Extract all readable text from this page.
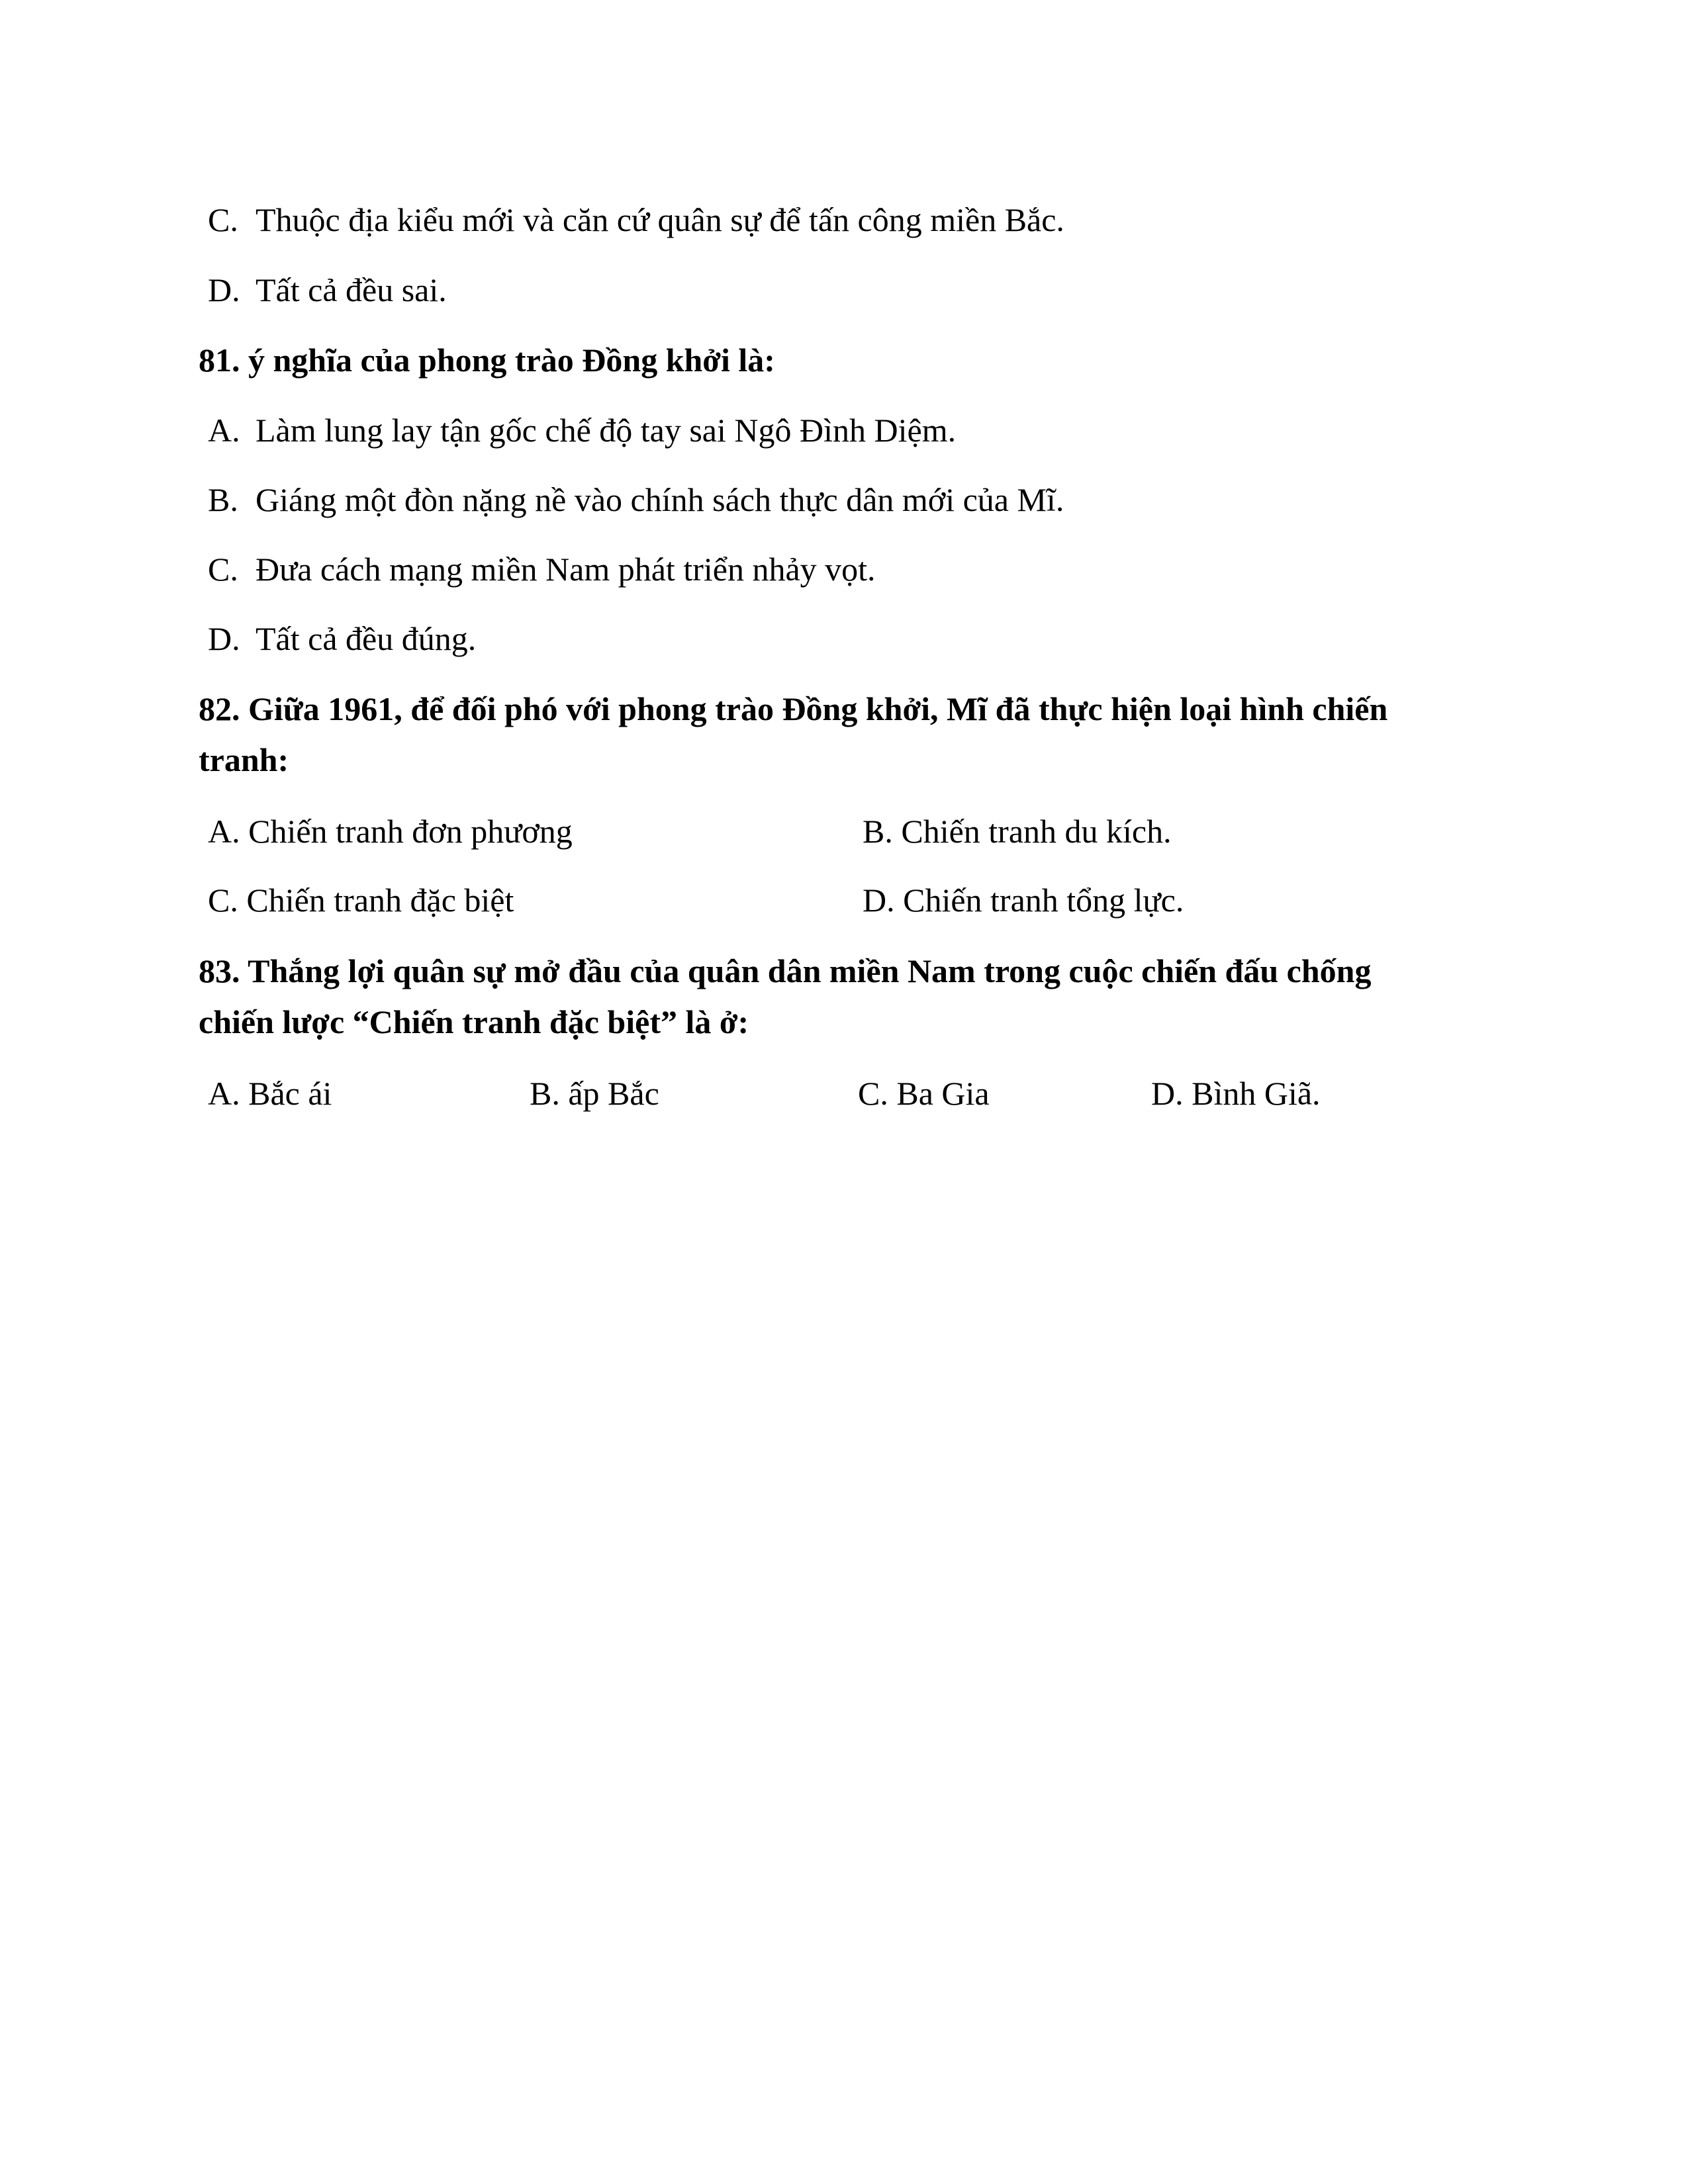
C. Thuộc địa kiểu mới và căn cứ quân sự để tấn công miền Bắc.
D. Tất cả đều sai.
81. ý nghĩa của phong trào Đồng khởi là:
A. Làm lung lay tận gốc chế độ tay sai Ngô Đình Diệm.
B. Giáng một đòn nặng nề vào chính sách thực dân mới của Mĩ.
C. Đưa cách mạng miền Nam phát triển nhảy vọt.
D. Tất cả đều đúng.
82. Giữa 1961, để đối phó với phong trào Đồng khởi, Mĩ đã thực hiện loại hình chiến
tranh:
A. Chiến tranh đơn phương	B. Chiến tranh du kích.
C. Chiến tranh đặc biệt	D. Chiến tranh tổng lực.
83. Thắng lợi quân sự mở đầu của quân dân miền Nam trong cuộc chiến đấu chống
chiến lược “Chiến tranh đặc biệt” là ở:
A. Bắc ái	B. ấp Bắc	C. Ba Gia	D. Bình Giã.
